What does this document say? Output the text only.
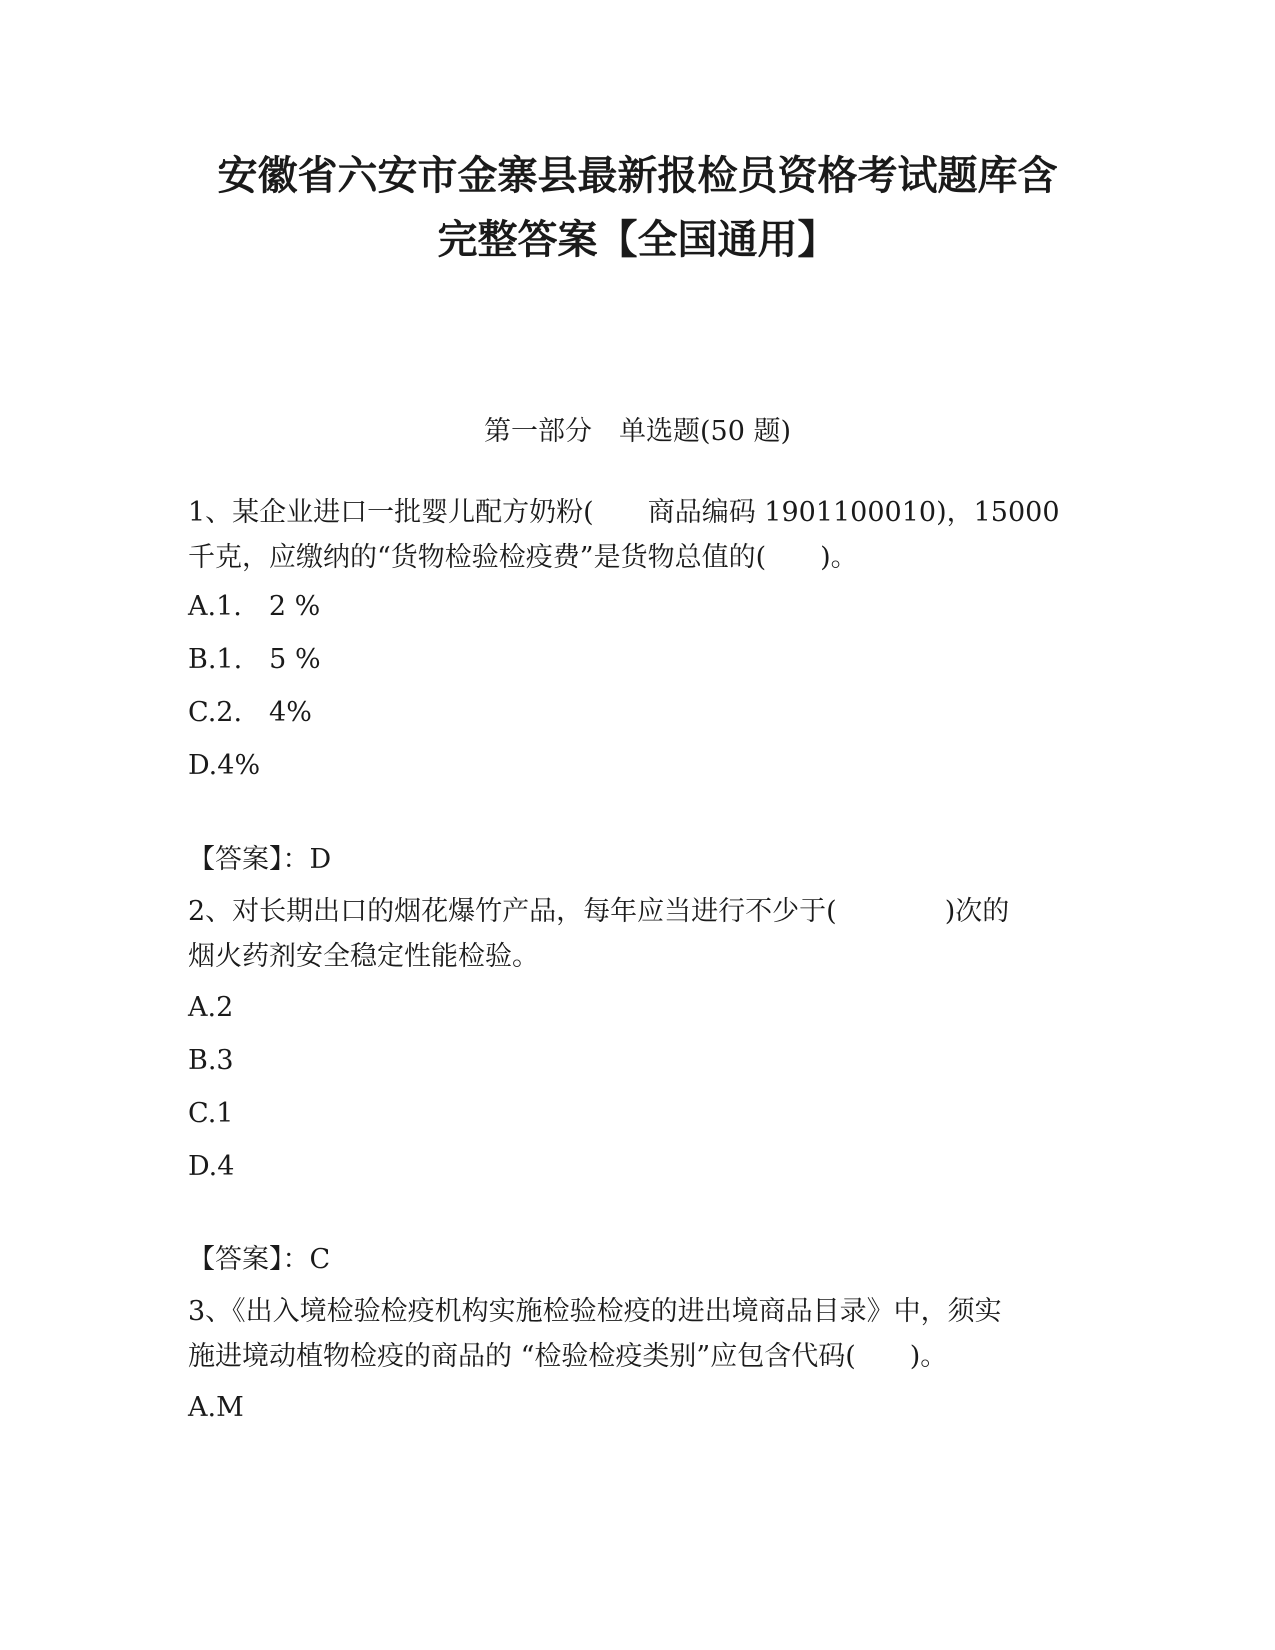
安徽省六安市金寨县最新报检员资格考试题库含
完整答案【全国通用】
第一部分　单选题(50 题)
1、某企业进口一批婴儿配方奶粉(　　商品编码 1901100010)，15000
千克，应缴纳的“货物检验检疫费”是货物总值的(　　)。
A.1.　2 %
B.1.　5 %
C.2.　4%
D.4%
【答案】：D
2、对长期出口的烟花爆竹产品，每年应当进行不少于(　　　　)次的
烟火药剂安全稳定性能检验。
A.2
B.3
C.1
D.4
【答案】：C
3、《出入境检验检疫机构实施检验检疫的进出境商品目录》中，须实
施进境动植物检疫的商品的 “检验检疫类别”应包含代码(　　)。
A.M
